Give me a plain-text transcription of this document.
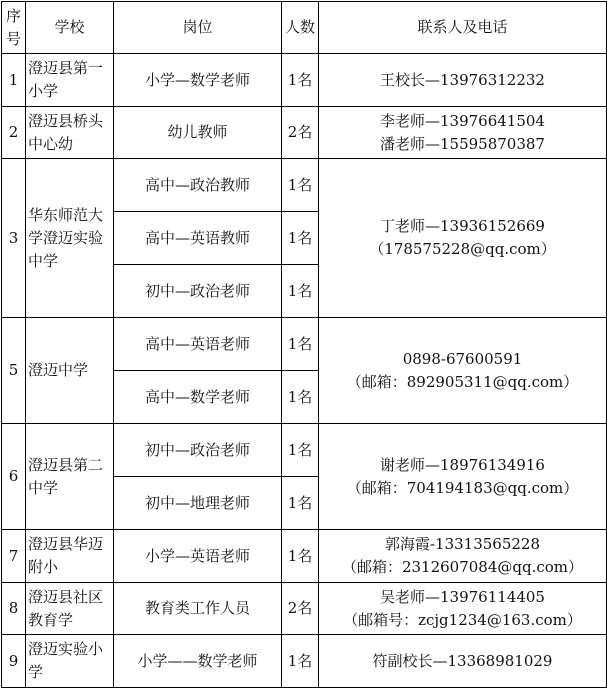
序号	学校	岗位	人数	联系人及电话
1	澄迈县第一小学	小学—数学老师	1名	王校长—13976312232

2	澄迈县桥头中心幼	幼儿教师	2名	李老师—13976641504
潘老师—15595870387

3	华东师范大学澄迈实验中学	高中—政治教师	1名	丁老师—13936152669
（178575228@qq.com）

		高中—英语教师	1名	
		初中—政治老师	1名	
5	澄迈中学	高中—英语老师	1名	0898-67600591
（邮箱：892905311@qq.com）

		高中—数学老师	1名	
6	澄迈县第二中学	初中—政治老师	1名	谢老师—18976134916
（邮箱：704194183@qq.com）

		初中—地理老师	1名	
7	澄迈县华迈附小	小学—英语老师	1名	郭海霞-13313565228
（邮箱：2312607084@qq.com）

8	澄迈县社区教育学	教育类工作人员	2名	吴老师—13976114405
（邮箱号：zcjg1234@163.com）

9	澄迈实验小学	小学——数学老师	1名	符副校长—13368981029
